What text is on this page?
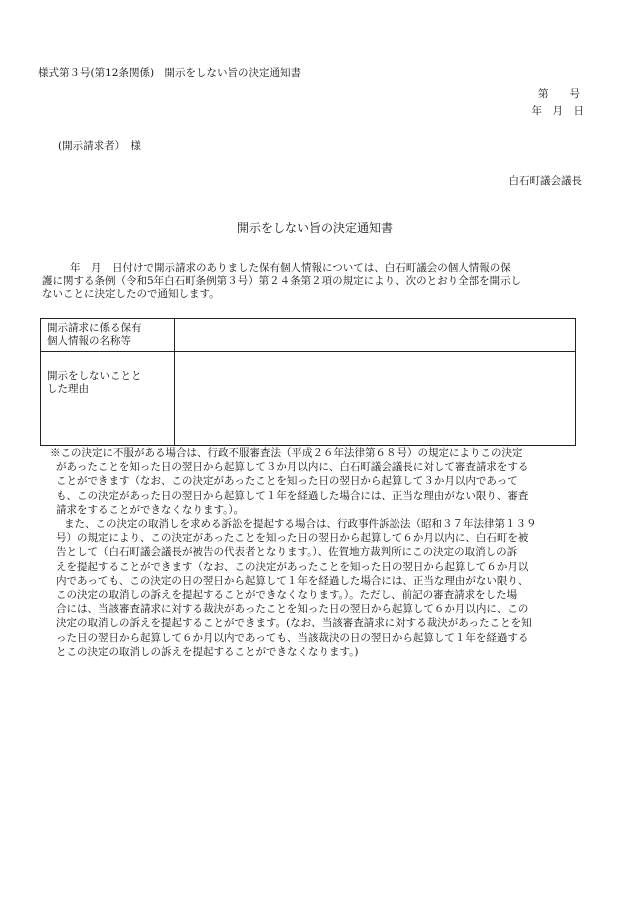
様式第３号(第12条関係)　開示をしない旨の決定通知書
第　　号
年　月　日
(開示請求者）　様
白石町議会議長
開示をしない旨の決定通知書
年　月　日付けで開示請求のありました保有個人情報については、白石町議会の個人情報の保
護に関する条例（令和5年白石町条例第３号）第２４条第２項の規定により、次のとおり全部を開示し
ないことに決定したので通知します。
開示請求に係る保有
個人情報の名称等	
開示をしないことと
した理由	
※この決定に不服がある場合は、行政不服審査法（平成２６年法律第６８号）の規定によりこの決定
があったことを知った日の翌日から起算して３か月以内に、白石町議会議長に対して審査請求をする
ことができます（なお、この決定があったことを知った日の翌日から起算して３か月以内であって
も、この決定があった日の翌日から起算して１年を経過した場合には、正当な理由がない限り、審査
請求をすることができなくなります。）。
また、この決定の取消しを求める訴訟を提起する場合は、行政事件訴訟法（昭和３７年法律第１３９
号）の規定により、この決定があったことを知った日の翌日から起算して６か月以内に、白石町を被
告として（白石町議会議長が被告の代表者となります。）、佐賀地方裁判所にこの決定の取消しの訴
えを提起することができます（なお、この決定があったことを知った日の翌日から起算して６か月以
内であっても、この決定の日の翌日から起算して１年を経過した場合には、正当な理由がない限り、
この決定の取消しの訴えを提起することができなくなります。）。ただし、前記の審査請求をした場
合には、当該審査請求に対する裁決があったことを知った日の翌日から起算して６か月以内に、この
決定の取消しの訴えを提起することができます。(なお、当該審査請求に対する裁決があったことを知
った日の翌日から起算して６か月以内であっても、当該裁決の日の翌日から起算して１年を経過する
とこの決定の取消しの訴えを提起することができなくなります。)
